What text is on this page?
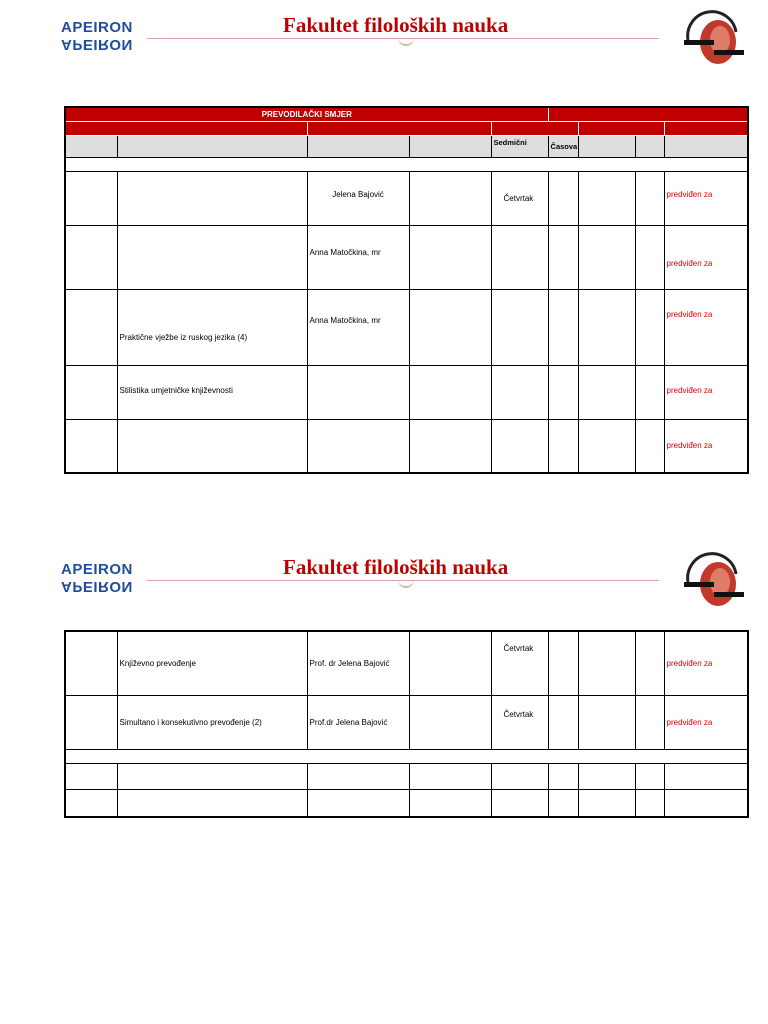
APEIRON
APEIRON
Fakultet filoloških nauka
PREVODILAČKI SMJER								

				Sedmični	Časova			

		Jelena Bajović		Četvrtak				predviđen za
		Anna Matočkina, mr						predviđen za
	Praktične vježbe iz ruskog jezika (4)	Anna Matočkina, mr						predviđen za
	Stilistika umjetničke književnosti							predviđen za
								predviđen za
APEIRON
APEIRON
Fakultet filoloških nauka
	Književno prevođenje	Prof. dr Jelena Bajović		Četvrtak				predviđen za
	Simultano i konsekutivno prevođenje (2)	Prof.dr Jelena Bajović		Četvrtak				predviđen za
